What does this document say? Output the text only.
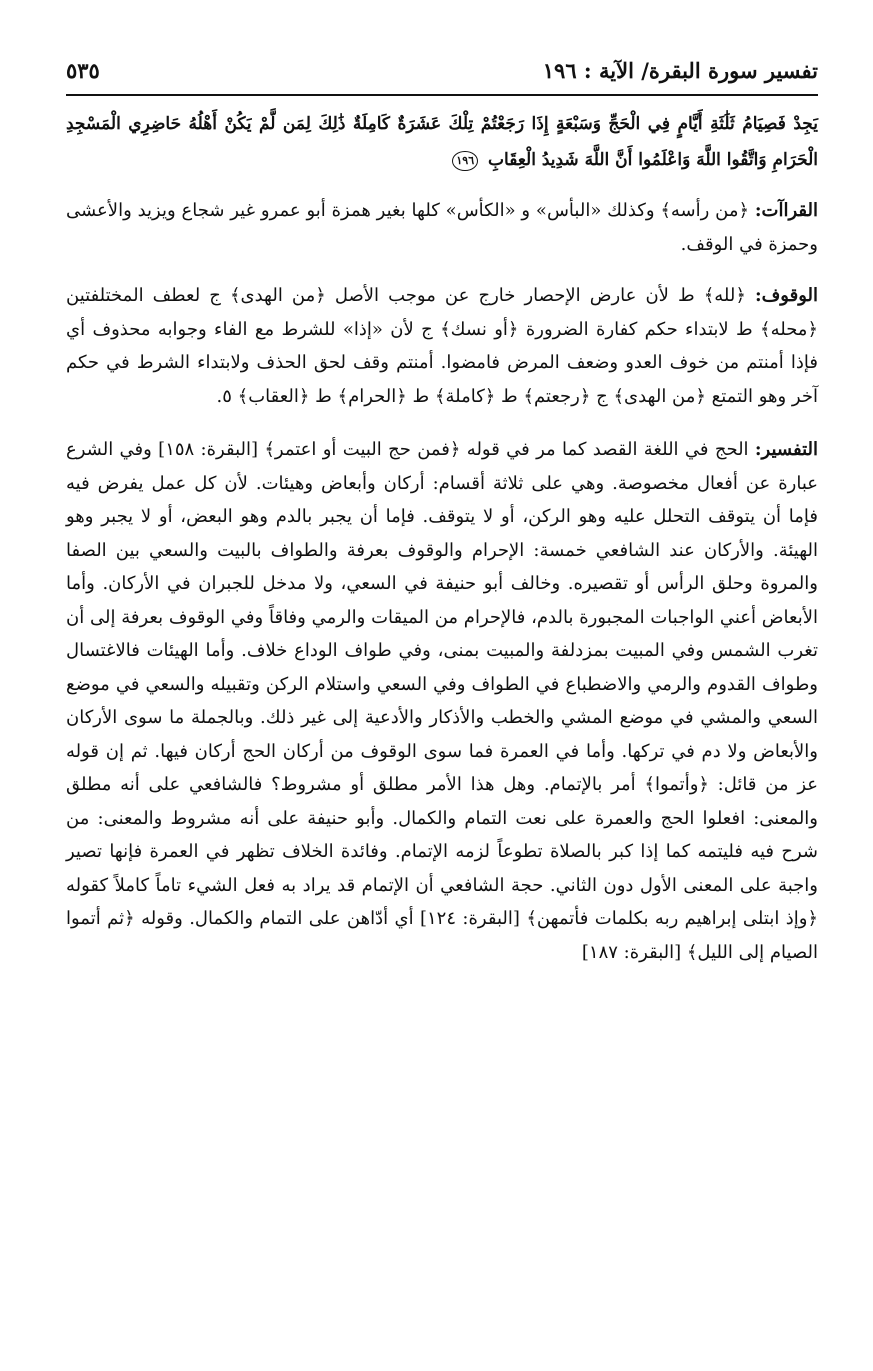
تفسير سورة البقرة/ الآية : ١٩٦
٥٣٥
يَجِدْ فَصِيَامُ ثَلَٰثَةِ أَيَّامٍ فِي الْحَجِّ وَسَبْعَةٍ إِذَا رَجَعْتُمْ تِلْكَ عَشَرَةٌ كَامِلَةٌ ذَٰلِكَ لِمَن لَّمْ يَكُنْ أَهْلُهُ حَاضِرِي الْمَسْجِدِ الْحَرَامِ وَاتَّقُوا اللَّهَ وَاعْلَمُوا أَنَّ اللَّهَ شَدِيدُ الْعِقَابِ ١٩٦

القراآت: ﴿من رأسه﴾ وكذلك «البأس» و «الكأس» كلها بغير همزة أبو عمرو غير شجاع ويزيد والأعشى وحمزة في الوقف.

الوقوف: ﴿لله﴾ ط لأن عارض الإحصار خارج عن موجب الأصل ﴿من الهدى﴾ ج لعطف المختلفتين ﴿محله﴾ ط لابتداء حكم كفارة الضرورة ﴿أو نسك﴾ ج لأن «إذا» للشرط مع الفاء وجوابه محذوف أي فإذا أمنتم من خوف العدو وضعف المرض فامضوا. أمنتم وقف لحق الحذف ولابتداء الشرط في حكم آخر وهو التمتع ﴿من الهدى﴾ ج ﴿رجعتم﴾ ط ﴿كاملة﴾ ط ﴿الحرام﴾ ط ﴿العقاب﴾ ٥.

التفسير: الحج في اللغة القصد كما مر في قوله ﴿فمن حج البيت أو اعتمر﴾ [البقرة: ١٥٨] وفي الشرع عبارة عن أفعال مخصوصة. وهي على ثلاثة أقسام: أركان وأبعاض وهيئات. لأن كل عمل يفرض فيه فإما أن يتوقف التحلل عليه وهو الركن، أو لا يتوقف. فإما أن يجبر بالدم وهو البعض، أو لا يجبر وهو الهيئة. والأركان عند الشافعي خمسة: الإحرام والوقوف بعرفة والطواف بالبيت والسعي بين الصفا والمروة وحلق الرأس أو تقصيره. وخالف أبو حنيفة في السعي، ولا مدخل للجبران في الأركان. وأما الأبعاض أعني الواجبات المجبورة بالدم، فالإحرام من الميقات والرمي وفاقاً وفي الوقوف بعرفة إلى أن تغرب الشمس وفي المبيت بمزدلفة والمبيت بمنى، وفي طواف الوداع خلاف. وأما الهيئات فالاغتسال وطواف القدوم والرمي والاضطباع في الطواف وفي السعي واستلام الركن وتقبيله والسعي في موضع السعي والمشي في موضع المشي والخطب والأذكار والأدعية إلى غير ذلك. وبالجملة ما سوى الأركان والأبعاض ولا دم في تركها. وأما في العمرة فما سوى الوقوف من أركان الحج أركان فيها. ثم إن قوله عز من قائل: ﴿وأتموا﴾ أمر بالإتمام. وهل هذا الأمر مطلق أو مشروط؟ فالشافعي على أنه مطلق والمعنى: افعلوا الحج والعمرة على نعت التمام والكمال. وأبو حنيفة على أنه مشروط والمعنى: من شرح فيه فليتمه كما إذا كبر بالصلاة تطوعاً لزمه الإتمام. وفائدة الخلاف تظهر في العمرة فإنها تصير واجبة على المعنى الأول دون الثاني. حجة الشافعي أن الإتمام قد يراد به فعل الشيء تاماً كاملاً كقوله ﴿وإذ ابتلى إبراهيم ربه بكلمات فأتمهن﴾ [البقرة: ١٢٤] أي أدّاهن على التمام والكمال. وقوله ﴿ثم أتموا الصيام إلى الليل﴾ [البقرة: ١٨٧]
